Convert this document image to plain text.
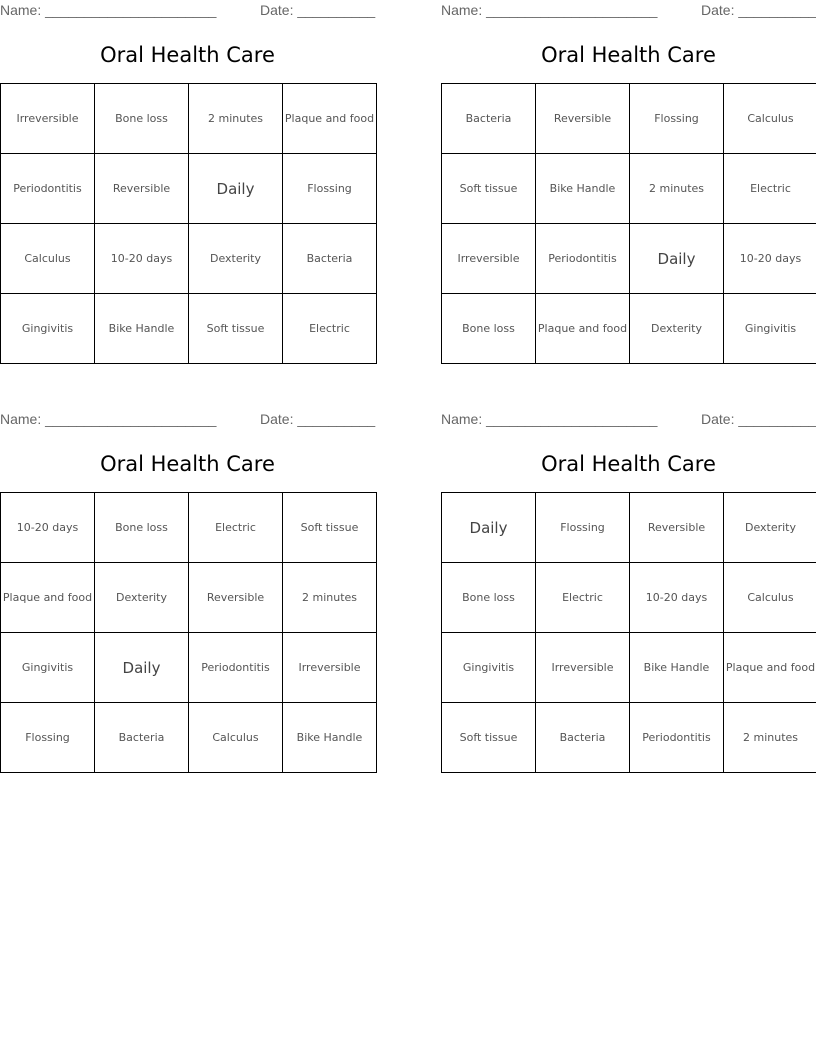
Name: ______________________	Date: __________
Oral Health Care
Irreversible	Bone loss	2 minutes	Plaque and food
Periodontitis	Reversible	Daily	Flossing
Calculus	10-20 days	Dexterity	Bacteria
Gingivitis	Bike Handle	Soft tissue	Electric
Name: ______________________	Date: __________
Oral Health Care
Bacteria	Reversible	Flossing	Calculus
Soft tissue	Bike Handle	2 minutes	Electric
Irreversible	Periodontitis	Daily	10-20 days
Bone loss	Plaque and food	Dexterity	Gingivitis
Name: ______________________	Date: __________
Oral Health Care
10-20 days	Bone loss	Electric	Soft tissue
Plaque and food	Dexterity	Reversible	2 minutes
Gingivitis	Daily	Periodontitis	Irreversible
Flossing	Bacteria	Calculus	Bike Handle
Name: ______________________	Date: __________
Oral Health Care
Daily	Flossing	Reversible	Dexterity
Bone loss	Electric	10-20 days	Calculus
Gingivitis	Irreversible	Bike Handle	Plaque and food
Soft tissue	Bacteria	Periodontitis	2 minutes
